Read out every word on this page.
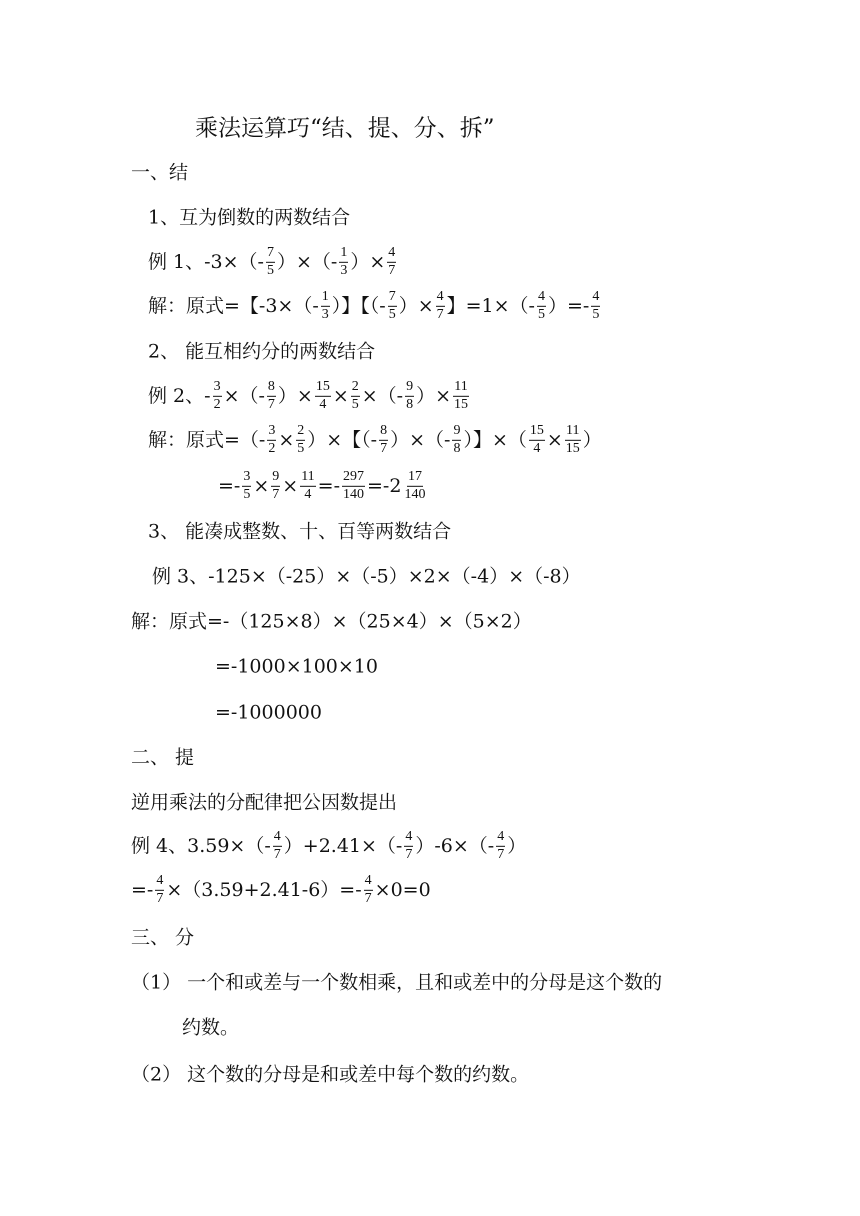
乘法运算巧“结、提、分、拆”
一、结
1、互为倒数的两数结合
例 1、$-3\times(- \frac{7}{5}$ ）×（- $\frac{1}{3}$ ）× $\frac{4}{7}$
解：原式=【$-3\times(- \frac{1}{3}$ ）】【（- $\frac{7}{5}$ ）× $\frac{4}{7}$ 】$=1\times(- \frac{4}{5}$ ）=- $\frac{4}{5}$
2、 能互相约分的两数结合
例 2、- $\frac{3}{2}$ ×（- $\frac{8}{7}$ ）× $\frac{15}{4} \times \frac{2}{5}$ ×（- $\frac{9}{8}$ ）× $\frac{11}{15}$
解：原式=（- $\frac{3}{2} \times \frac{2}{5}$ ）×【（- $\frac{8}{7}$ ）×（- $\frac{9}{8}$ ）】×（ $\frac{15}{4} \times \frac{11}{15}$ ）
=- $\frac{3}{5} \times \frac{9}{7} \times \frac{11}{4} =- \frac{297}{140} =-2 \frac{17}{140}$
3、 能凑成整数、十、百等两数结合
例 3、-125×（-25）×（-5）×2×（-4）×（-8）
解：原式=-（125×8）×（25×4）×（5×2）
=-1000×100×10
=-1000000
二、 提
逆用乘法的分配律把公因数提出
例 4、$3.59\times(- \frac{4}{7} )+2.41\times(- \frac{4}{7} )-6\times(- \frac{4}{7}$ ）
=- $\frac{4}{7} \times(3.59+2.41-6)=- \frac{4}{7} \times 0=0$
三、 分
（1） 一个和或差与一个数相乘，且和或差中的分母是这个数的
约数。
（2） 这个数的分母是和或差中每个数的约数。
